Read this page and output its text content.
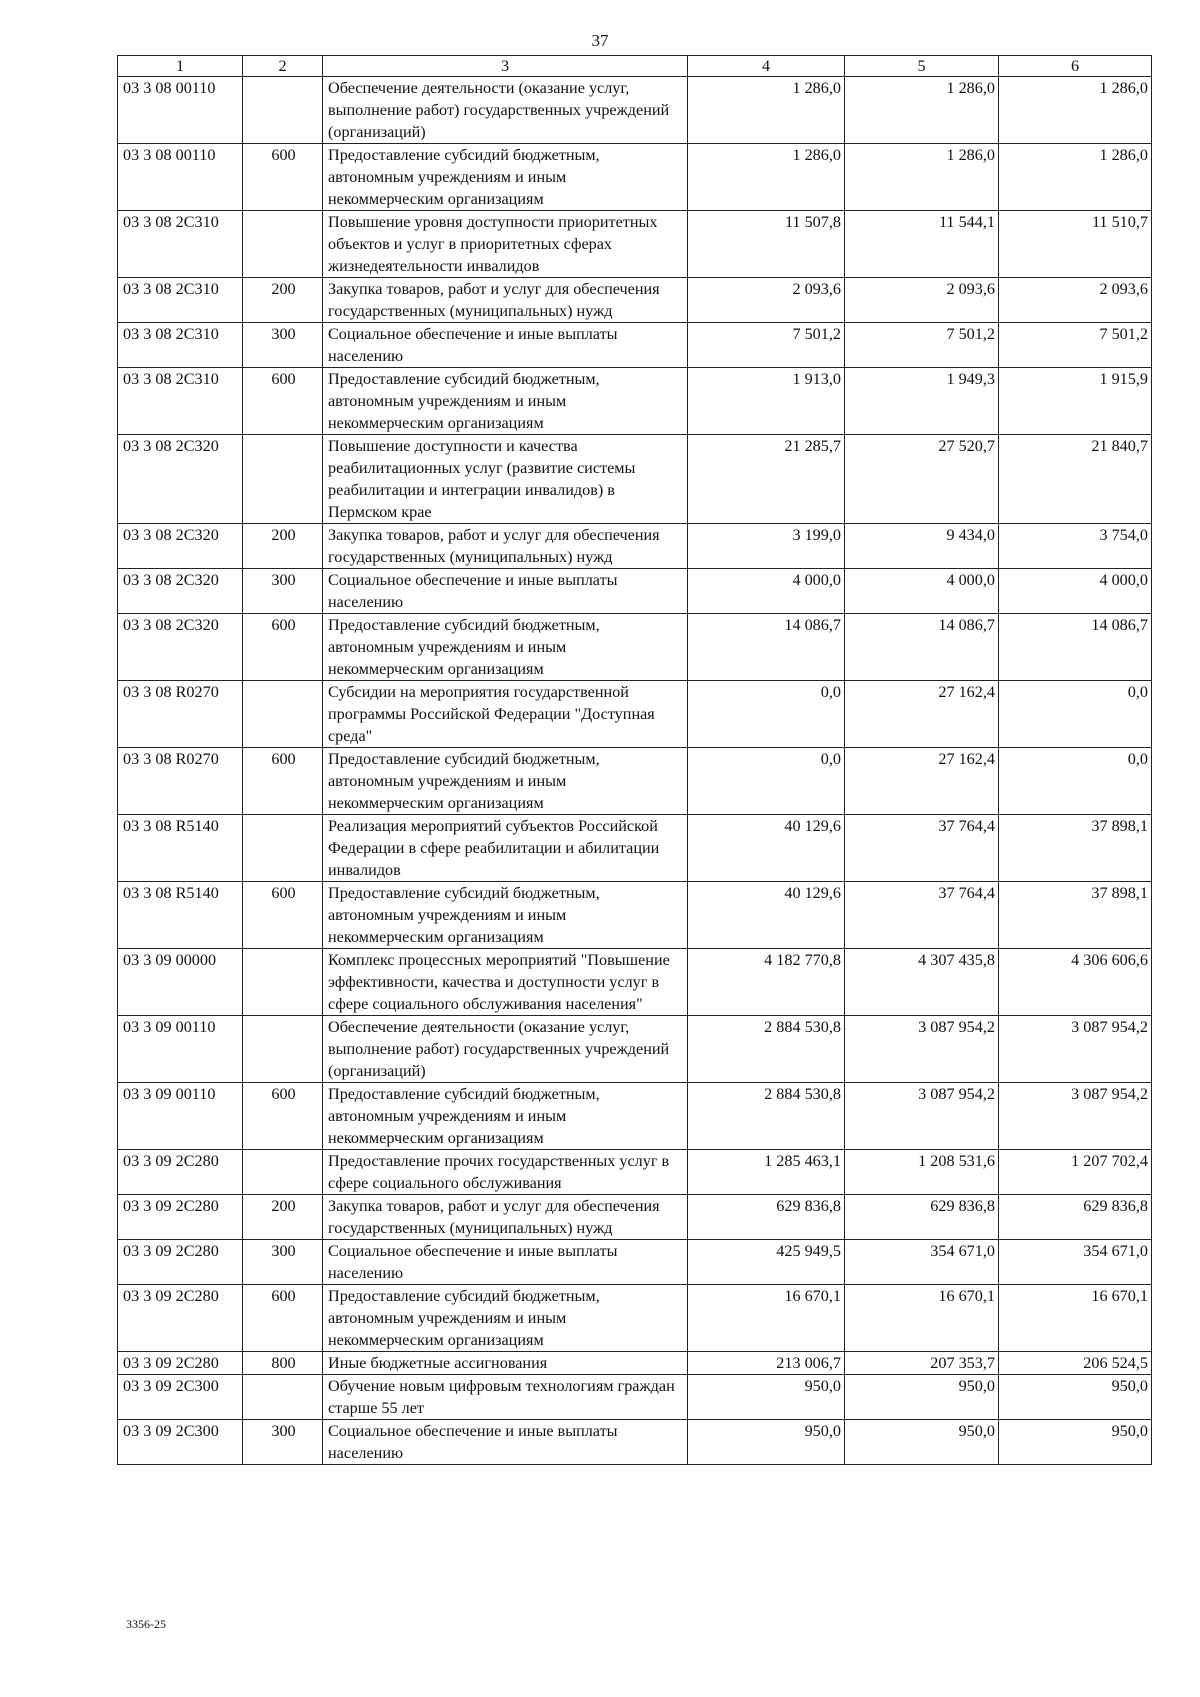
37
1	2	3	4	5	6
03 3 08 00110		Обеспечение деятельности (оказание услуг, выполнение работ) государственных учреждений (организаций)	1 286,0	1 286,0	1 286,0
03 3 08 00110	600	Предоставление субсидий бюджетным, автономным учреждениям и иным некоммерческим организациям	1 286,0	1 286,0	1 286,0
03 3 08 2С310		Повышение уровня доступности приоритетных объектов и услуг в приоритетных сферах жизнедеятельности инвалидов	11 507,8	11 544,1	11 510,7
03 3 08 2С310	200	Закупка товаров, работ и услуг для обеспечения государственных (муниципальных) нужд	2 093,6	2 093,6	2 093,6
03 3 08 2С310	300	Социальное обеспечение и иные выплаты населению	7 501,2	7 501,2	7 501,2
03 3 08 2С310	600	Предоставление субсидий бюджетным, автономным учреждениям и иным некоммерческим организациям	1 913,0	1 949,3	1 915,9
03 3 08 2С320		Повышение доступности и качества реабилитационных услуг (развитие системы реабилитации и интеграции инвалидов) в Пермском крае	21 285,7	27 520,7	21 840,7
03 3 08 2С320	200	Закупка товаров, работ и услуг для обеспечения государственных (муниципальных) нужд	3 199,0	9 434,0	3 754,0
03 3 08 2С320	300	Социальное обеспечение и иные выплаты населению	4 000,0	4 000,0	4 000,0
03 3 08 2С320	600	Предоставление субсидий бюджетным, автономным учреждениям и иным некоммерческим организациям	14 086,7	14 086,7	14 086,7
03 3 08 R0270		Субсидии на мероприятия государственной программы Российской Федерации "Доступная среда"	0,0	27 162,4	0,0
03 3 08 R0270	600	Предоставление субсидий бюджетным, автономным учреждениям и иным некоммерческим организациям	0,0	27 162,4	0,0
03 3 08 R5140		Реализация мероприятий субъектов Российской Федерации в сфере реабилитации и абилитации инвалидов	40 129,6	37 764,4	37 898,1
03 3 08 R5140	600	Предоставление субсидий бюджетным, автономным учреждениям и иным некоммерческим организациям	40 129,6	37 764,4	37 898,1
03 3 09 00000		Комплекс процессных мероприятий "Повышение эффективности, качества и доступности услуг в сфере социального обслуживания населения"	4 182 770,8	4 307 435,8	4 306 606,6
03 3 09 00110		Обеспечение деятельности (оказание услуг, выполнение работ) государственных учреждений (организаций)	2 884 530,8	3 087 954,2	3 087 954,2
03 3 09 00110	600	Предоставление субсидий бюджетным, автономным учреждениям и иным некоммерческим организациям	2 884 530,8	3 087 954,2	3 087 954,2
03 3 09 2С280		Предоставление прочих государственных услуг в сфере социального обслуживания	1 285 463,1	1 208 531,6	1 207 702,4
03 3 09 2С280	200	Закупка товаров, работ и услуг для обеспечения государственных (муниципальных) нужд	629 836,8	629 836,8	629 836,8
03 3 09 2С280	300	Социальное обеспечение и иные выплаты населению	425 949,5	354 671,0	354 671,0
03 3 09 2С280	600	Предоставление субсидий бюджетным, автономным учреждениям и иным некоммерческим организациям	16 670,1	16 670,1	16 670,1
03 3 09 2С280	800	Иные бюджетные ассигнования	213 006,7	207 353,7	206 524,5
03 3 09 2С300		Обучение новым цифровым технологиям граждан старше 55 лет	950,0	950,0	950,0
03 3 09 2С300	300	Социальное обеспечение и иные выплаты населению	950,0	950,0	950,0
3356-25
